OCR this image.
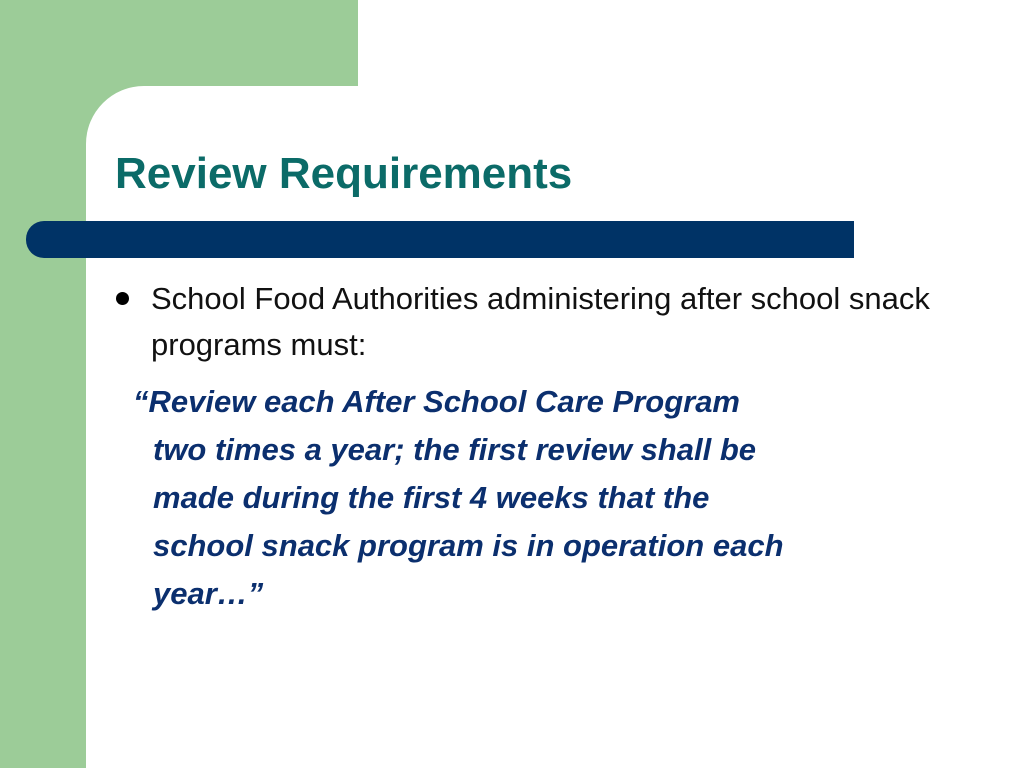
Review Requirements
School Food Authorities administering after school snack programs must:
“Review each After School Care Program
two times a year; the first review shall be
made during the first 4 weeks that the
school snack program is in operation each
year…”
